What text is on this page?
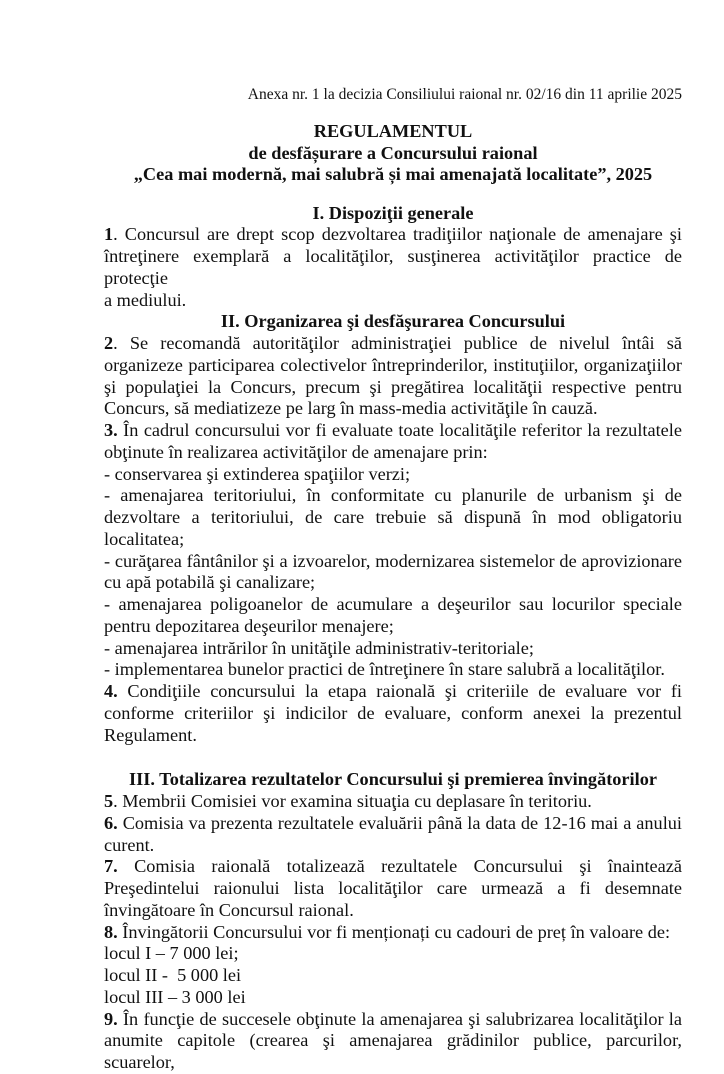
Anexa nr. 1 la decizia Consiliului raional nr. 02/16 din 11 aprilie 2025
REGULAMENTUL
de desfășurare a Concursului raional
„Cea mai modernă, mai salubră și mai amenajată localitate”, 2025
I. Dispoziţii generale
1. Concursul are drept scop dezvoltarea tradiţiilor naţionale de amenajare şi
întreţinere exemplară a localităţilor, susţinerea activităţilor practice de protecţie
a mediului.
II. Organizarea şi desfăşurarea Concursului
2. Se recomandă autorităţilor administraţiei publice de nivelul întâi să
organizeze participarea colectivelor întreprinderilor, instituţiilor, organizaţiilor
şi populaţiei la Concurs, precum şi pregătirea localităţii respective pentru
Concurs, să mediatizeze pe larg în mass-media activităţile în cauză.
3. În cadrul concursului vor fi evaluate toate localităţile referitor la rezultatele
obţinute în realizarea activităţilor de amenajare prin:
- conservarea şi extinderea spaţiilor verzi;
- amenajarea teritoriului, în conformitate cu planurile de urbanism şi de
dezvoltare a teritoriului, de care trebuie să dispună în mod obligatoriu
localitatea;
- curăţarea fântânilor şi a izvoarelor, modernizarea sistemelor de aprovizionare
cu apă potabilă şi canalizare;
- amenajarea poligoanelor de acumulare a deşeurilor sau locurilor speciale
pentru depozitarea deşeurilor menajere;
- amenajarea intrărilor în unităţile administrativ-teritoriale;
- implementarea bunelor practici de întreţinere în stare salubră a localităţilor.
4. Condiţiile concursului la etapa raională şi criteriile de evaluare vor fi
conforme criteriilor şi indicilor de evaluare, conform anexei la prezentul
Regulament.
III. Totalizarea rezultatelor Concursului şi premierea învingătorilor
5. Membrii Comisiei vor examina situaţia cu deplasare în teritoriu.
6. Comisia va prezenta rezultatele evaluării până la data de 12-16 mai a anului
curent.
7. Comisia raională totalizează rezultatele Concursului şi înaintează
Preşedintelui raionului lista localităţilor care urmează a fi desemnate
învingătoare în Concursul raional.
8. Învingătorii Concursului vor fi menționați cu cadouri de preț în valoare de:
locul I – 7 000 lei;
locul II -  5 000 lei
locul III – 3 000 lei
9. În funcţie de succesele obţinute la amenajarea şi salubrizarea localităţilor la
anumite capitole (crearea şi amenajarea grădinilor publice, parcurilor, scuarelor,
